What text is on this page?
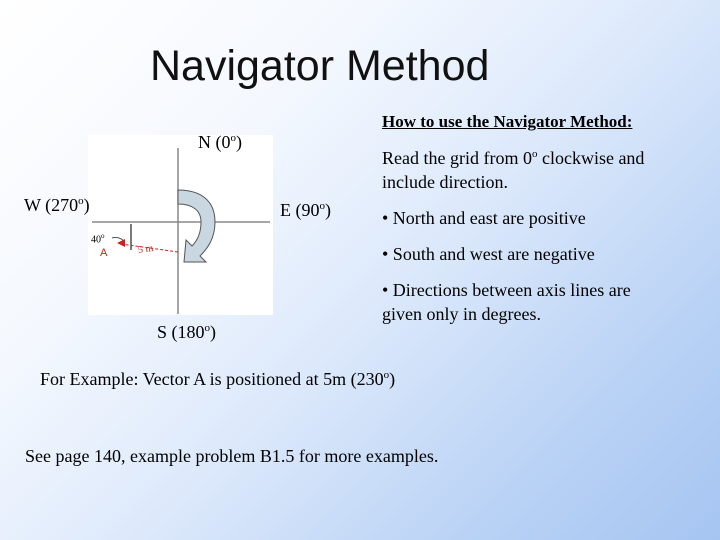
Navigator Method
How to use the Navigator Method:
Read the grid from 0$^o$ clockwise and
include direction.
• North and east are positive
• South and west are negative
• Directions between axis lines are
given only in degrees.
N (0$^o$)
E (90$^o$)
W (270$^o$)
S (180$^o$)
40$^o$
A	5 m
For Example: Vector A is positioned at 5m (230$^o$)
See page 140, example problem B1.5 for more examples.
